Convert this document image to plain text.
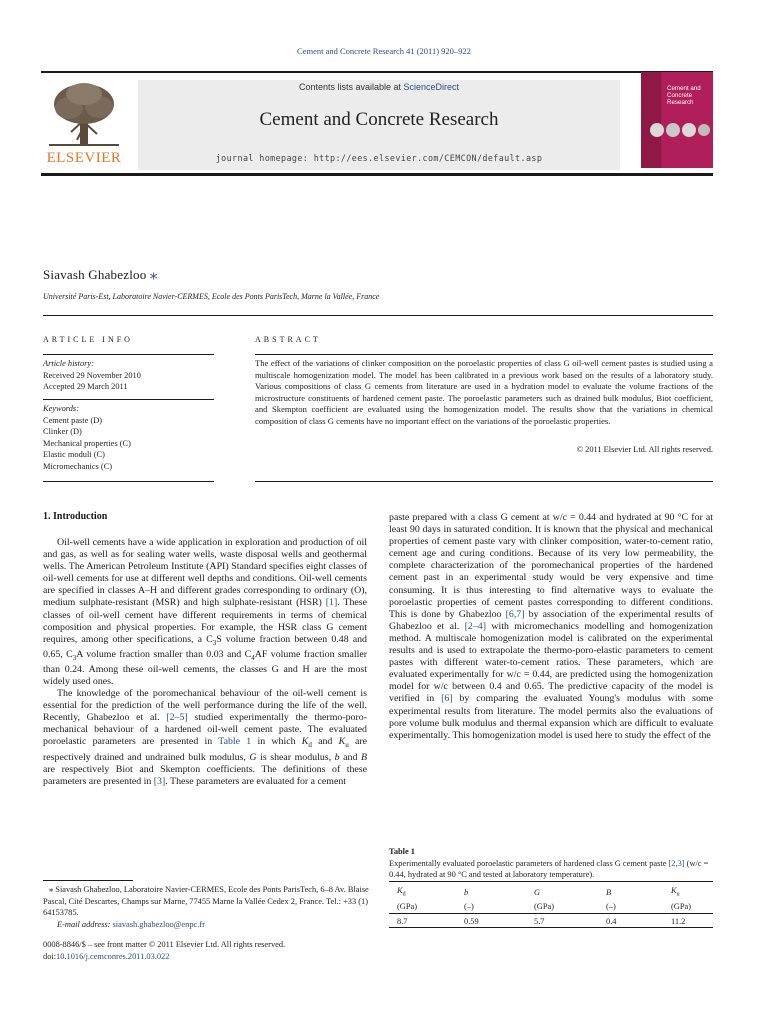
Cement and Concrete Research 41 (2011) 920–922
ELSEVIER
Contents lists available at ScienceDirect
Cement and Concrete Research
journal homepage: http://ees.elsevier.com/CEMCON/default.asp
Cement and Concrete Research
Siavash Ghabezloo ⁎
Université Paris-Est, Laboratoire Navier-CERMES, Ecole des Ponts ParisTech, Marne la Vallée, France
ARTICLE INFO
Article history:
Received 29 November 2010
Accepted 29 March 2011
Keywords:
Cement paste (D)
Clinker (D)
Mechanical properties (C)
Elastic moduli (C)
Micromechanics (C)
ABSTRACT
The effect of the variations of clinker composition on the poroelastic properties of class G oil-well cement pastes is studied using a multiscale homogenization model. The model has been calibrated in a previous work based on the results of a laboratory study. Various compositions of class G cements from literature are used in a hydration model to evaluate the volume fractions of the microstructure constituents of hardened cement paste. The poroelastic parameters such as drained bulk modulus, Biot coefficient, and Skempton coefficient are evaluated using the homogenization model. The results show that the variations in chemical composition of class G cements have no important effect on the variations of the poroelastic properties.
© 2011 Elsevier Ltd. All rights reserved.
1. Introduction

Oil-well cements have a wide application in exploration and production of oil and gas, as well as for sealing water wells, waste disposal wells and geothermal wells. The American Petroleum Institute (API) Standard specifies eight classes of oil-well cements for use at different well depths and conditions. Oil-well cements are specified in classes A–H and different grades corresponding to ordinary (O), medium sulphate-resistant (MSR) and high sulphate-resistant (HSR) [1]. These classes of oil-well cement have different requirements in terms of chemical composition and physical properties. For example, the HSR class G cement requires, among other specifications, a $C_3S$ volume fraction between 0.48 and 0.65, $C_3A$ volume fraction smaller than 0.03 and $C_4AF$ volume fraction smaller than 0.24. Among these oil-well cements, the classes G and H are the most widely used ones.

The knowledge of the poromechanical behaviour of the oil-well cement is essential for the prediction of the well performance during the life of the well. Recently, Ghabezloo et al. [2–5] studied experimentally the thermo-poro-mechanical behaviour of a hardened oil-well cement paste. The evaluated poroelastic parameters are presented in Table 1 in which $K_d$ and $K_u$ are respectively drained and undrained bulk modulus, G is shear modulus, b and B are respectively Biot and Skempton coefficients. The definitions of these parameters are presented in [3]. These parameters are evaluated for a cement

⁎ Siavash Ghabezloo, Laboratoire Navier-CERMES, Ecole des Ponts ParisTech, 6–8 Av. Blaise Pascal, Cité Descartes, Champs sur Marne, 77455 Marne la Vallée Cedex 2, France. Tel.: +33 (1) 64153785.
E-mail address: siavash.ghabezloo@enpc.fr
0008-8846/$ – see front matter © 2011 Elsevier Ltd. All rights reserved.
doi:10.1016/j.cemconres.2011.03.022
paste prepared with a class G cement at w/c = 0.44 and hydrated at 90 °C for at least 90 days in saturated condition. It is known that the physical and mechanical properties of cement paste vary with clinker composition, water-to-cement ratio, cement age and curing conditions. Because of its very low permeability, the complete characterization of the poromechanical properties of the hardened cement past in an experimental study would be very expensive and time consuming. It is thus interesting to find alternative ways to evaluate the poroelastic properties of cement pastes corresponding to different conditions. This is done by Ghabezloo [6,7] by association of the experimental results of Ghabezloo et al. [2–4] with micromechanics modelling and homogenization method. A multiscale homogenization model is calibrated on the experimental results and is used to extrapolate the thermo-poro-elastic parameters to cement pastes with different water-to-cement ratios. These parameters, which are evaluated experimentally for w/c = 0.44, are predicted using the homogenization model for w/c between 0.4 and 0.65. The predictive capacity of the model is verified in [6] by comparing the evaluated Young's modulus with some experimental results from literature. The model permits also the evaluations of pore volume bulk modulus and thermal expansion which are difficult to evaluate experimentally. This homogenization model is used here to study the effect of the
Table 1
Experimentally evaluated poroelastic parameters of hardened class G cement paste [2,3] (w/c = 0.44, hydrated at 90 °C and tested at laboratory temperature).
$K_d$	b	G	B	$K_u$
(GPa)	(–)	(GPa)	(–)	(GPa)
8.7	0.59	5.7	0.4	11.2
